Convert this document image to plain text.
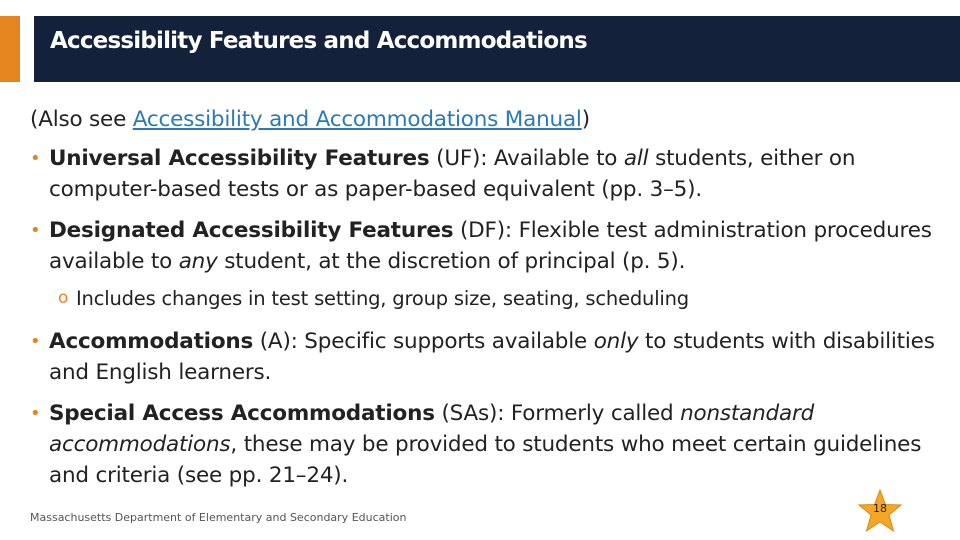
Accessibility Features and Accommodations

(Also see Accessibility and Accommodations Manual)

• Universal Accessibility Features (UF): Available to all students, either on computer-based tests or as paper-based equivalent (pp. 3–5).

• Designated Accessibility Features (DF): Flexible test administration procedures available to any student, at the discretion of principal (p. 5).

o Includes changes in test setting, group size, seating, scheduling

• Accommodations (A): Specific supports available only to students with disabilities and English learners.

• Special Access Accommodations (SAs): Formerly called nonstandard accommodations, these may be provided to students who meet certain guidelines and criteria (see pp. 21–24).

Massachusetts Department of Elementary and Secondary Education
18
